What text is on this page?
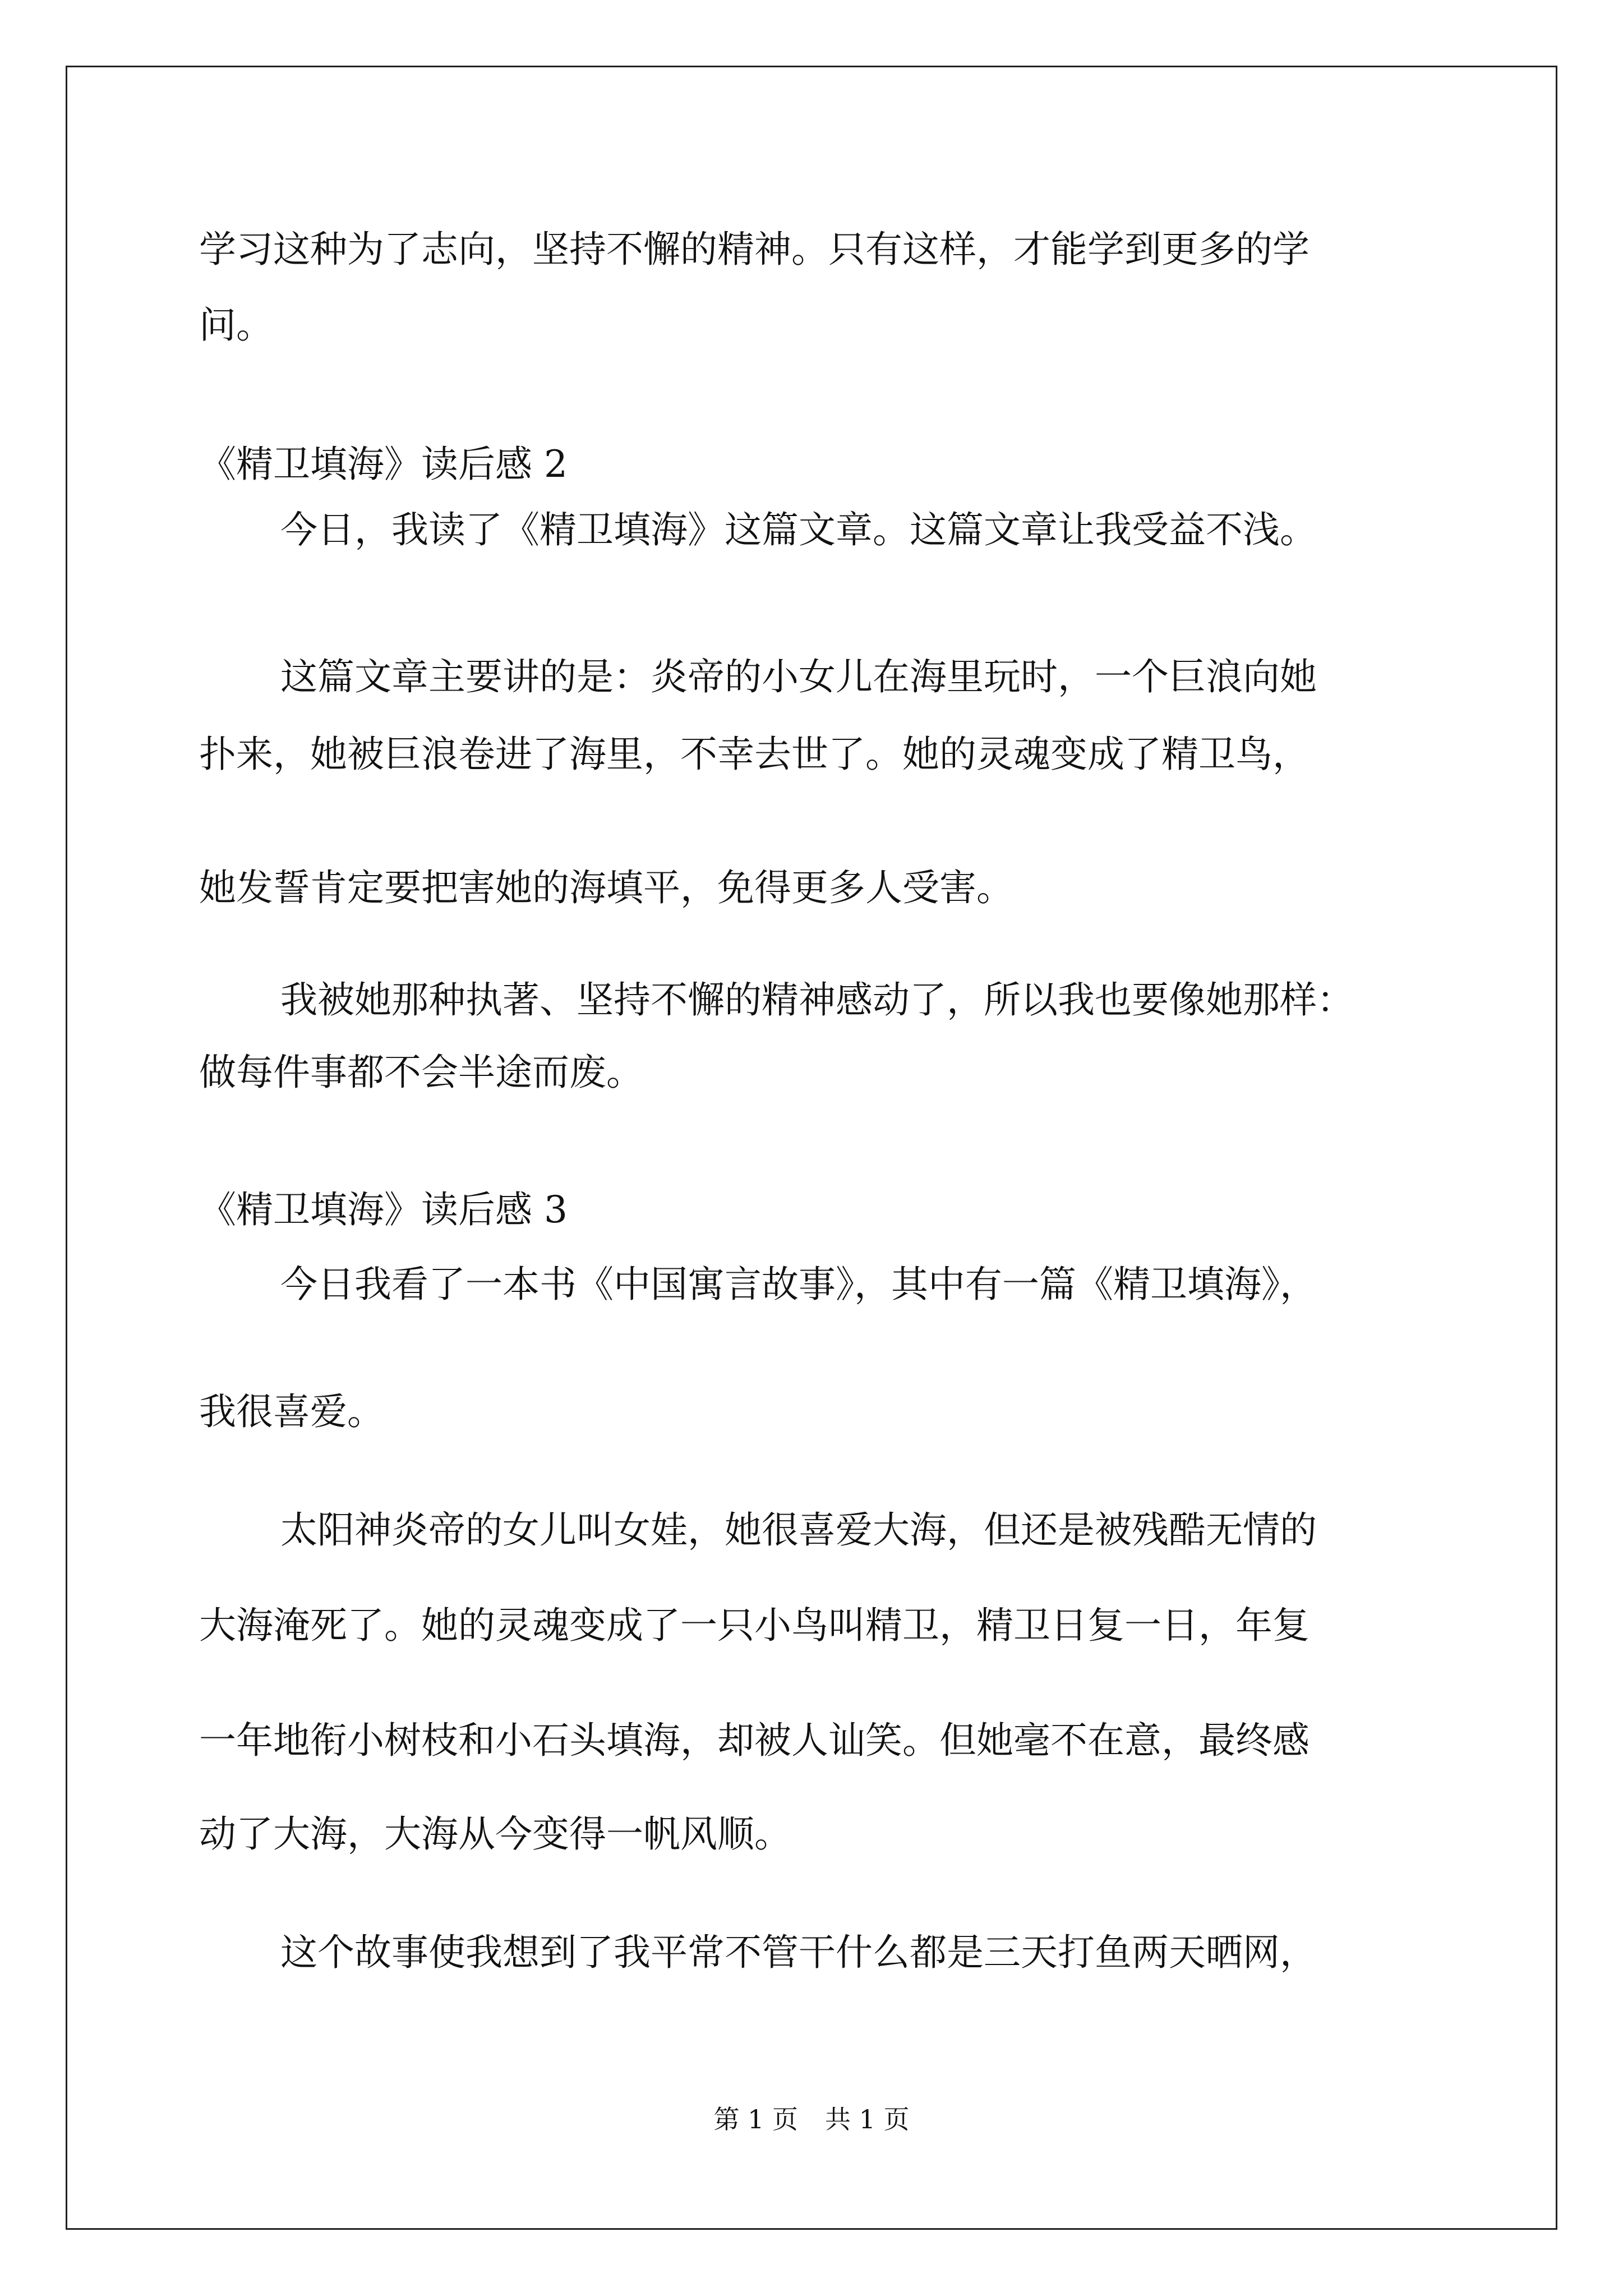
学习这种为了志向，坚持不懈的精神。只有这样，才能学到更多的学
问。
《精卫填海》读后感 2
今日，我读了《精卫填海》这篇文章。这篇文章让我受益不浅。
这篇文章主要讲的是：炎帝的小女儿在海里玩时，一个巨浪向她
扑来，她被巨浪卷进了海里，不幸去世了。她的灵魂变成了精卫鸟，
她发誓肯定要把害她的海填平，免得更多人受害。
我被她那种执著、坚持不懈的精神感动了，所以我也要像她那样：
做每件事都不会半途而废。
《精卫填海》读后感 3
今日我看了一本书《中国寓言故事》，其中有一篇《精卫填海》，
我很喜爱。
太阳神炎帝的女儿叫女娃，她很喜爱大海，但还是被残酷无情的
大海淹死了。她的灵魂变成了一只小鸟叫精卫，精卫日复一日，年复
一年地衔小树枝和小石头填海，却被人讪笑。但她毫不在意，最终感
动了大海，大海从今变得一帆风顺。
这个故事使我想到了我平常不管干什么都是三天打鱼两天晒网，
第 1 页 共 1 页
